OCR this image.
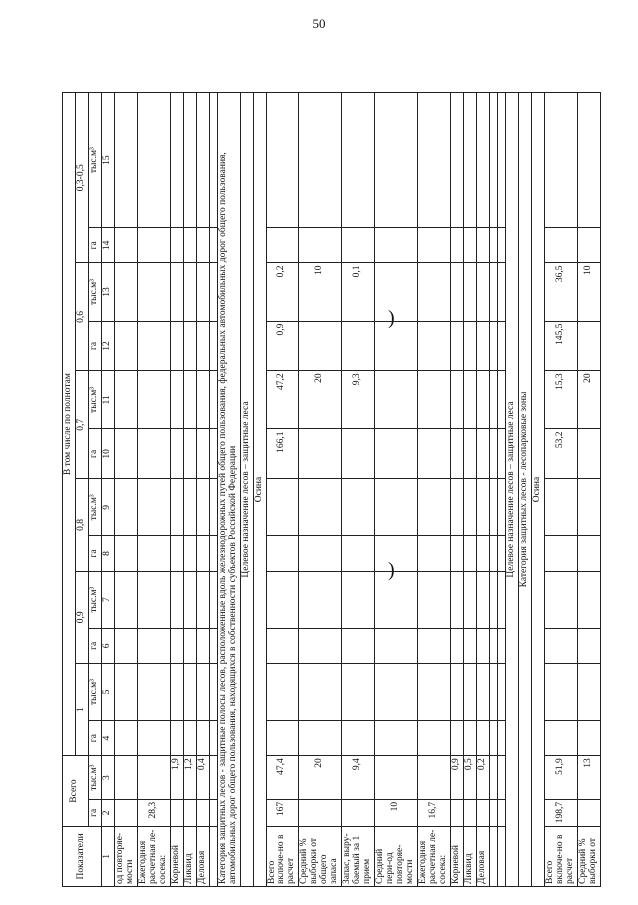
50
)
)
Показатели	Всего		В том числе по полнотам											
			1		0,9		0,8		0,7		0,6		0,3-0,5	
	га	тыс.м³	га	тыс.м³	га	тыс.м³	га	тыс.м³	га	тыс.м³	га	тыс.м³	га	тыс.м³
1	2	3	4	5	6	7	8	9	10	11	12	13	14	15
од повторяе-мости														
Ежегодная расчетная ле-сосека:	28,3													
Корневой		1,9												
Ликвид		1,2												
Деловая		0,4												

Категория защитных лесов - защитные полосы лесов, расположенные вдоль железнодорожных путей общего пользования, федеральных автомобильных дорог общего пользования, автомобильных дорог общего пользования, находящихся в собственности субъектов Российской Федерации														
Целевое назначение лесов – защитные леса														
Осина														
Всего включе-но в расчет	167	47,4							166,1	47,2	0,9	0,2		
Средний % выборки от общего запаса		20								20		10		
Запас, выру-баемый за 1 прием		9,4								9,3		0,1		
Средний пери-од повторяе-мости	10													
Ежегодная расчетная ле-сосека:	16,7													
Корневой		0,9												
Ликвид		0,5												
Деловая		0,2												

Целевое назначение лесов – защитные леса														
Категория защитных лесов - лесопарковые зоны														
Осина														
Всего включе-но в расчет	198,7	51,9							53,2	15,3	145,5	36,5		
Средний % выборки от		13								20		10		
